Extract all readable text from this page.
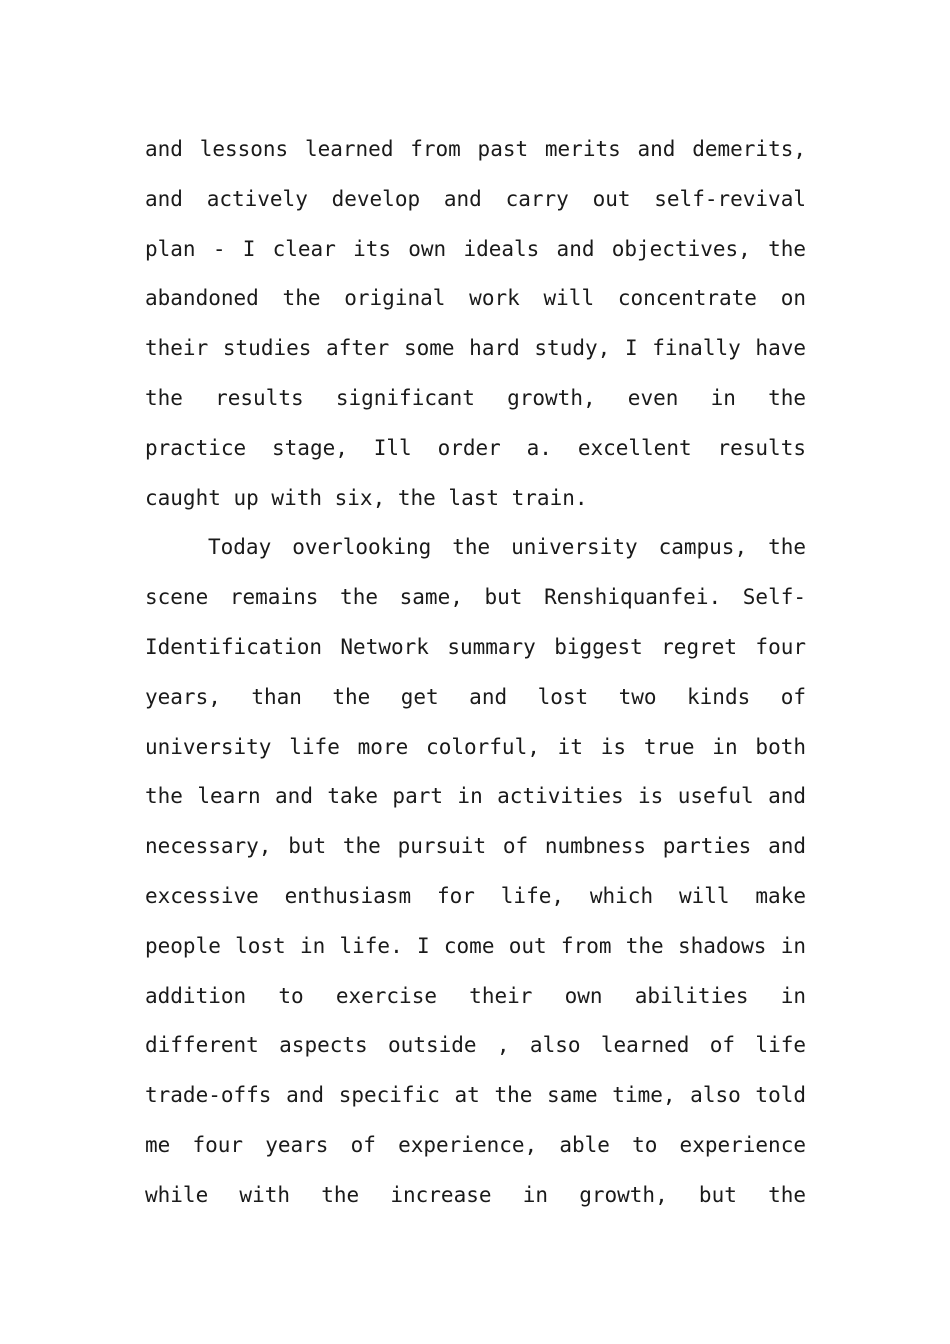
and lessons learned from past merits and demerits,
and actively develop and carry out self-revival
plan - I clear its own ideals and objectives, the
abandoned the original work will concentrate on
their studies after some hard study, I finally have
the results significant growth, even in the
practice stage, Ill order a. excellent results
caught up with six, the last train.
Today overlooking the university campus, the
scene remains the same, but Renshiquanfei. Self-
Identification Network summary biggest regret four
years, than the get and lost two kinds of
university life more colorful, it is true in both
the learn and take part in activities is useful and
necessary, but the pursuit of numbness parties and
excessive enthusiasm for life, which will make
people lost in life. I come out from the shadows in
addition to exercise their own abilities in
different aspects outside , also learned of life
trade-offs and specific at the same time, also told
me four years of experience, able to experience
while with the increase in growth, but the
